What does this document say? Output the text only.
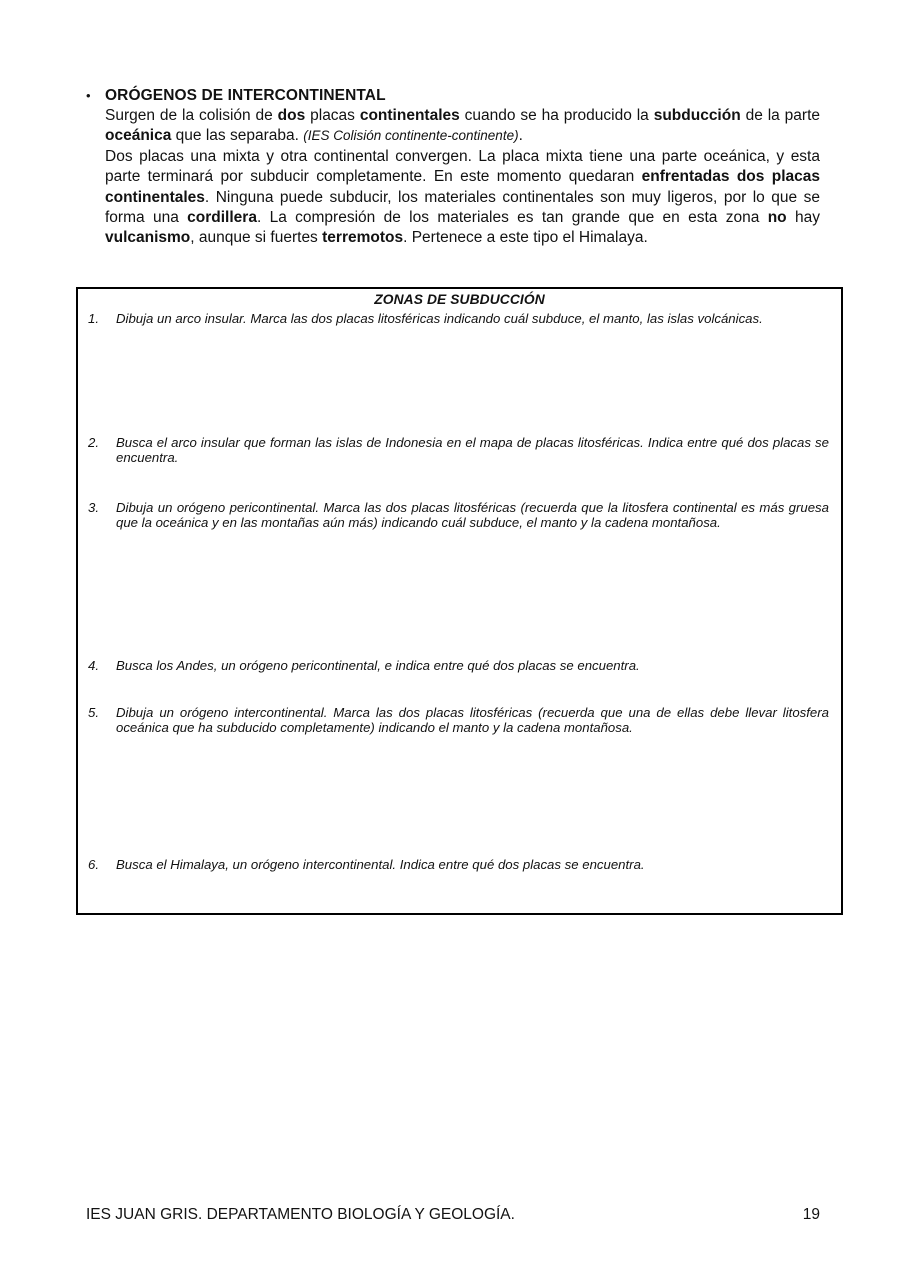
• ORÓGENOS DE INTERCONTINENTAL

Surgen de la colisión de dos placas continentales cuando se ha producido la subducción de la parte oceánica que las separaba. (IES Colisión continente-continente).

Dos placas una mixta y otra continental convergen. La placa mixta tiene una parte oceánica, y esta parte terminará por subducir completamente. En este momento quedaran enfrentadas dos placas continentales. Ninguna puede subducir, los materiales continentales son muy ligeros, por lo que se forma una cordillera. La compresión de los materiales es tan grande que en esta zona no hay vulcanismo, aunque si fuertes terremotos. Pertenece a este tipo el Himalaya.

ZONAS DE SUBDUCCIÓN
1.	Dibuja un arco insular. Marca las dos placas litosféricas indicando cuál subduce, el manto, las islas volcánicas.
2.	Busca el arco insular que forman las islas de Indonesia en el mapa de placas litosféricas. Indica entre qué dos placas se encuentra.
3.	Dibuja un orógeno pericontinental. Marca las dos placas litosféricas (recuerda que la litosfera continental es más gruesa que la oceánica y en las montañas aún más) indicando cuál subduce, el manto y la cadena montañosa.
4.	Busca los Andes, un orógeno pericontinental, e indica entre qué dos placas se encuentra.
5.	Dibuja un orógeno intercontinental. Marca las dos placas litosféricas (recuerda que una de ellas debe llevar litosfera oceánica que ha subducido completamente) indicando el manto y la cadena montañosa.
6.	Busca el Himalaya, un orógeno intercontinental. Indica entre qué dos placas se encuentra.
IES JUAN GRIS. DEPARTAMENTO BIOLOGÍA Y GEOLOGÍA.	19
